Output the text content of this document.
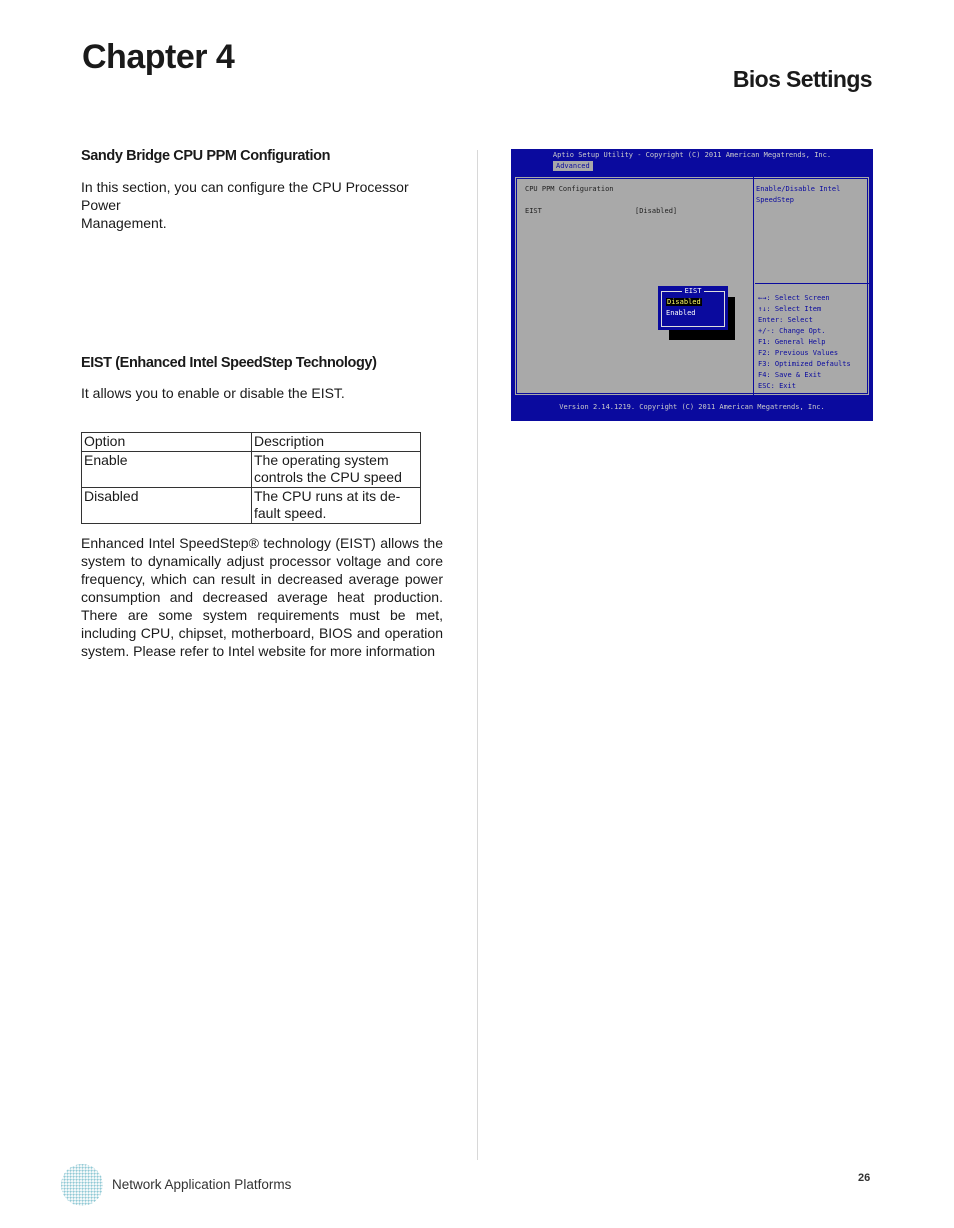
Chapter 4
Bios Settings
Sandy Bridge CPU PPM Configuration
In this section, you can configure the CPU Processor Power
Management.
EIST (Enhanced Intel SpeedStep Technology)
It allows you to enable or disable the EIST.
Option	Description
Enable	The operating system controls the CPU speed
Disabled	The CPU runs at its de-fault speed.
Enhanced Intel SpeedStep® technology (EIST) allows the
system to dynamically adjust processor voltage and core
frequency, which can result in decreased average power
consumption and decreased average heat production.
There are some system requirements must be met,
including CPU, chipset, motherboard, BIOS and operation
system. Please refer to Intel website for more information
Aptio Setup Utility - Copyright (C) 2011 American Megatrends, Inc.
Advanced
CPU PPM Configuration
EIST	[Disabled]
Enable/Disable Intel
SpeedStep
←→: Select Screen
↑↓: Select Item
Enter: Select
+/-: Change Opt.
F1: General Help
F2: Previous Values
F3: Optimized Defaults
F4: Save & Exit
ESC: Exit
EIST
Disabled
Enabled
Version 2.14.1219. Copyright (C) 2011 American Megatrends, Inc.
Network Application Platforms	26
